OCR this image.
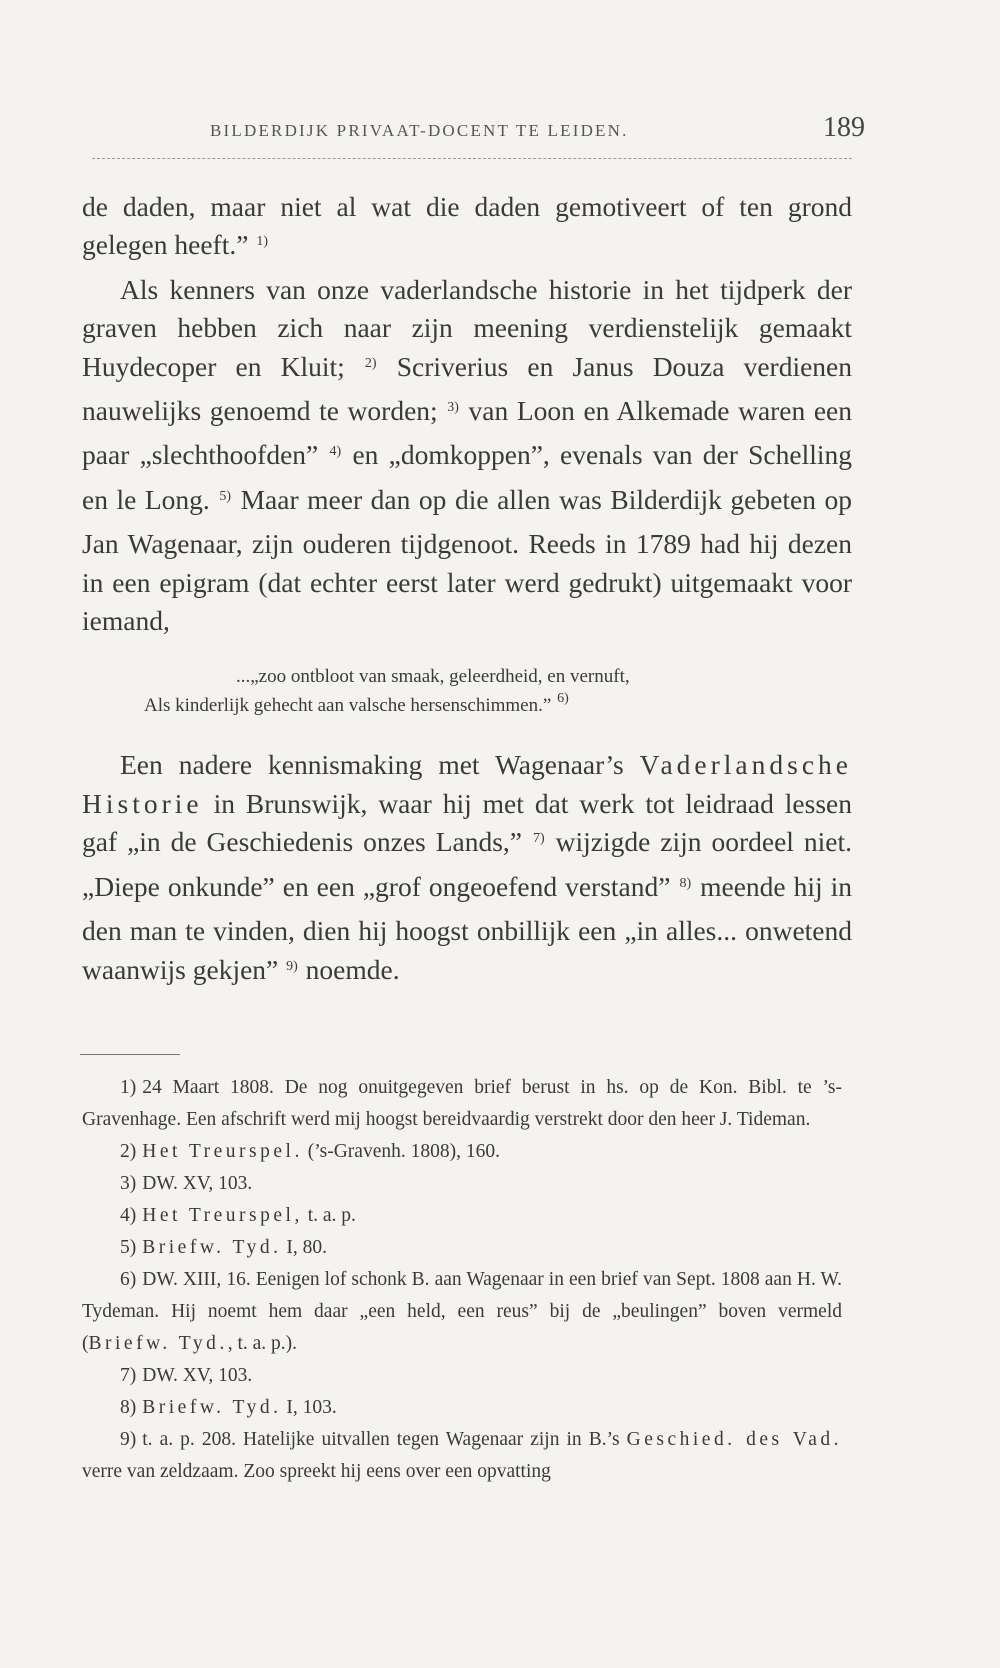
BILDERDIJK PRIVAAT-DOCENT TE LEIDEN.	189

de daden, maar niet al wat die daden gemotiveert of ten grond gelegen heeft.” $^{1)}$

Als kenners van onze vaderlandsche historie in het tijdperk der graven hebben zich naar zijn meening verdienstelijk gemaakt Huydecoper en Kluit; $^{2)}$ Scriverius en Janus Douza verdienen nauwelijks genoemd te worden; $^{3)}$ van Loon en Alkemade waren een paar „slechthoofden” $^{4)}$ en „domkoppen”, evenals van der Schelling en le Long. $^{5)}$ Maar meer dan op die allen was Bilderdijk gebeten op Jan Wagenaar, zijn ouderen tijdgenoot. Reeds in 1789 had hij dezen in een epigram (dat echter eerst later werd gedrukt) uitgemaakt voor iemand,

...„zoo ontbloot van smaak, geleerdheid, en vernuft,
Als kinderlijk gehecht aan valsche hersenschimmen.” $^{6)}$

Een nadere kennismaking met Wagenaar’s Vaderlandsche Historie in Brunswijk, waar hij met dat werk tot leidraad lessen gaf „in de Geschiedenis onzes Lands,” $^{7)}$ wijzigde zijn oordeel niet. „Diepe onkunde” en een „grof ongeoefend verstand” $^{8)}$ meende hij in den man te vinden, dien hij hoogst onbillijk een „in alles... onwetend waanwijs gekjen” $^{9)}$ noemde.

1) 24 Maart 1808. De nog onuitgegeven brief berust in hs. op de Kon. Bibl. te ’s-Gravenhage. Een afschrift werd mij hoogst bereidvaardig verstrekt door den heer J. Tideman.

2) Het Treurspel. (’s-Gravenh. 1808), 160.

3) DW. XV, 103.

4) Het Treurspel, t. a. p.

5) Briefw. Tyd. I, 80.

6) DW. XIII, 16. Eenigen lof schonk B. aan Wagenaar in een brief van Sept. 1808 aan H. W. Tydeman. Hij noemt hem daar „een held, een reus” bij de „beulingen” boven vermeld (Briefw. Tyd., t. a. p.).

7) DW. XV, 103.

8) Briefw. Tyd. I, 103.

9) t. a. p. 208. Hatelijke uitvallen tegen Wagenaar zijn in B.’s Geschied. des Vad. verre van zeldzaam. Zoo spreekt hij eens over een opvatting
